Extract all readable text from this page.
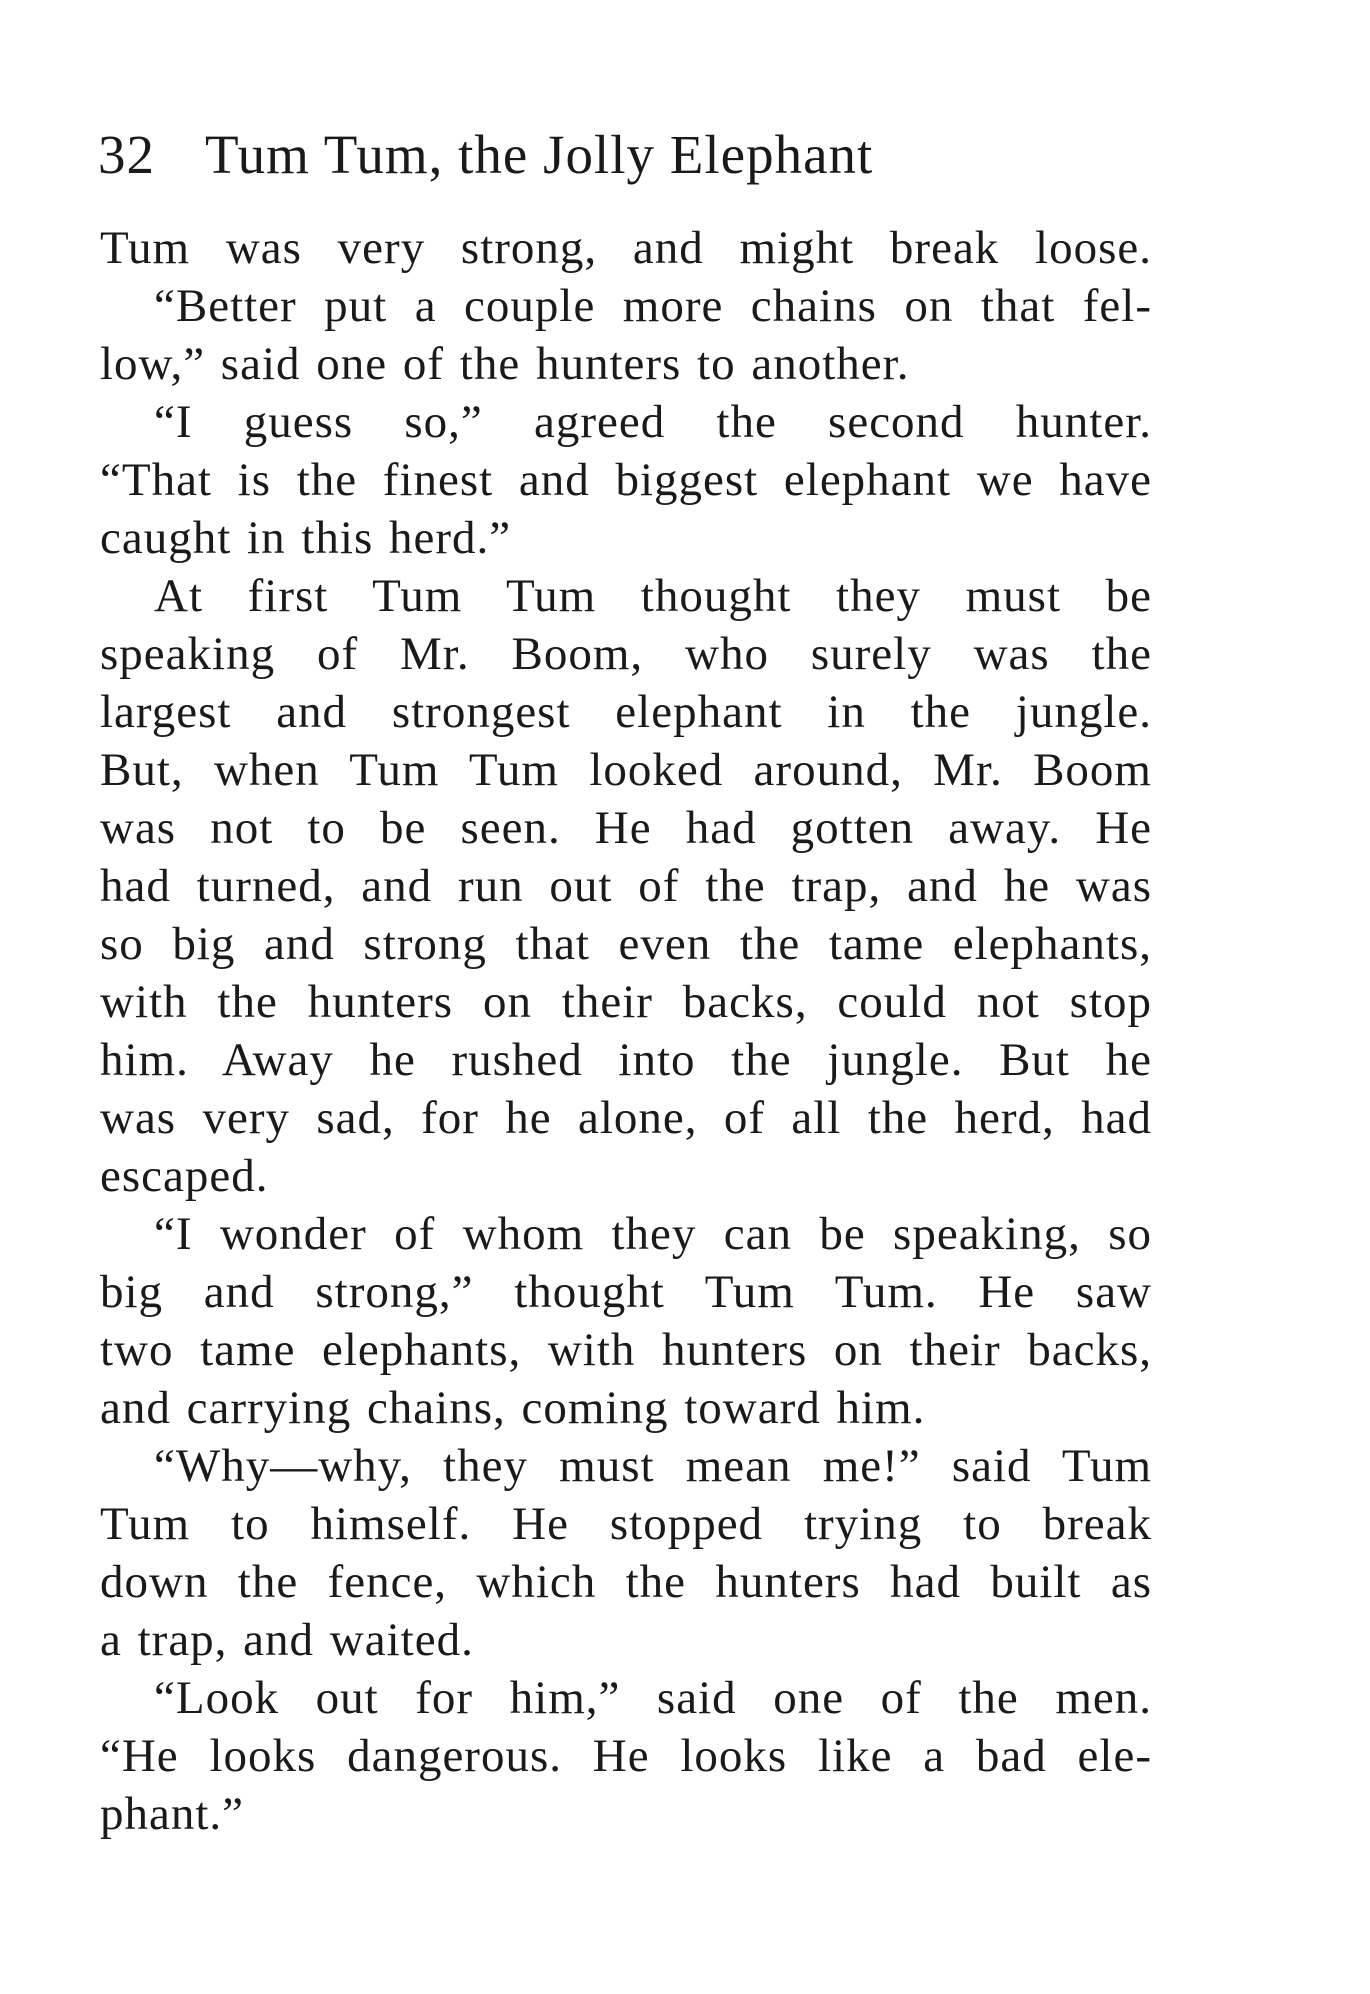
32 Tum Tum, the Jolly Elephant
Tum was very strong, and might break loose.
“Better put a couple more chains on that fel-
low,” said one of the hunters to another.
“I guess so,” agreed the second hunter.
“That is the finest and biggest elephant we have
caught in this herd.”
At first Tum Tum thought they must be
speaking of Mr. Boom, who surely was the
largest and strongest elephant in the jungle.
But, when Tum Tum looked around, Mr. Boom
was not to be seen. He had gotten away. He
had turned, and run out of the trap, and he was
so big and strong that even the tame elephants,
with the hunters on their backs, could not stop
him. Away he rushed into the jungle. But he
was very sad, for he alone, of all the herd, had
escaped.
“I wonder of whom they can be speaking, so
big and strong,” thought Tum Tum. He saw
two tame elephants, with hunters on their backs,
and carrying chains, coming toward him.
“Why—why, they must mean me!” said Tum
Tum to himself. He stopped trying to break
down the fence, which the hunters had built as
a trap, and waited.
“Look out for him,” said one of the men.
“He looks dangerous. He looks like a bad ele-
phant.”
